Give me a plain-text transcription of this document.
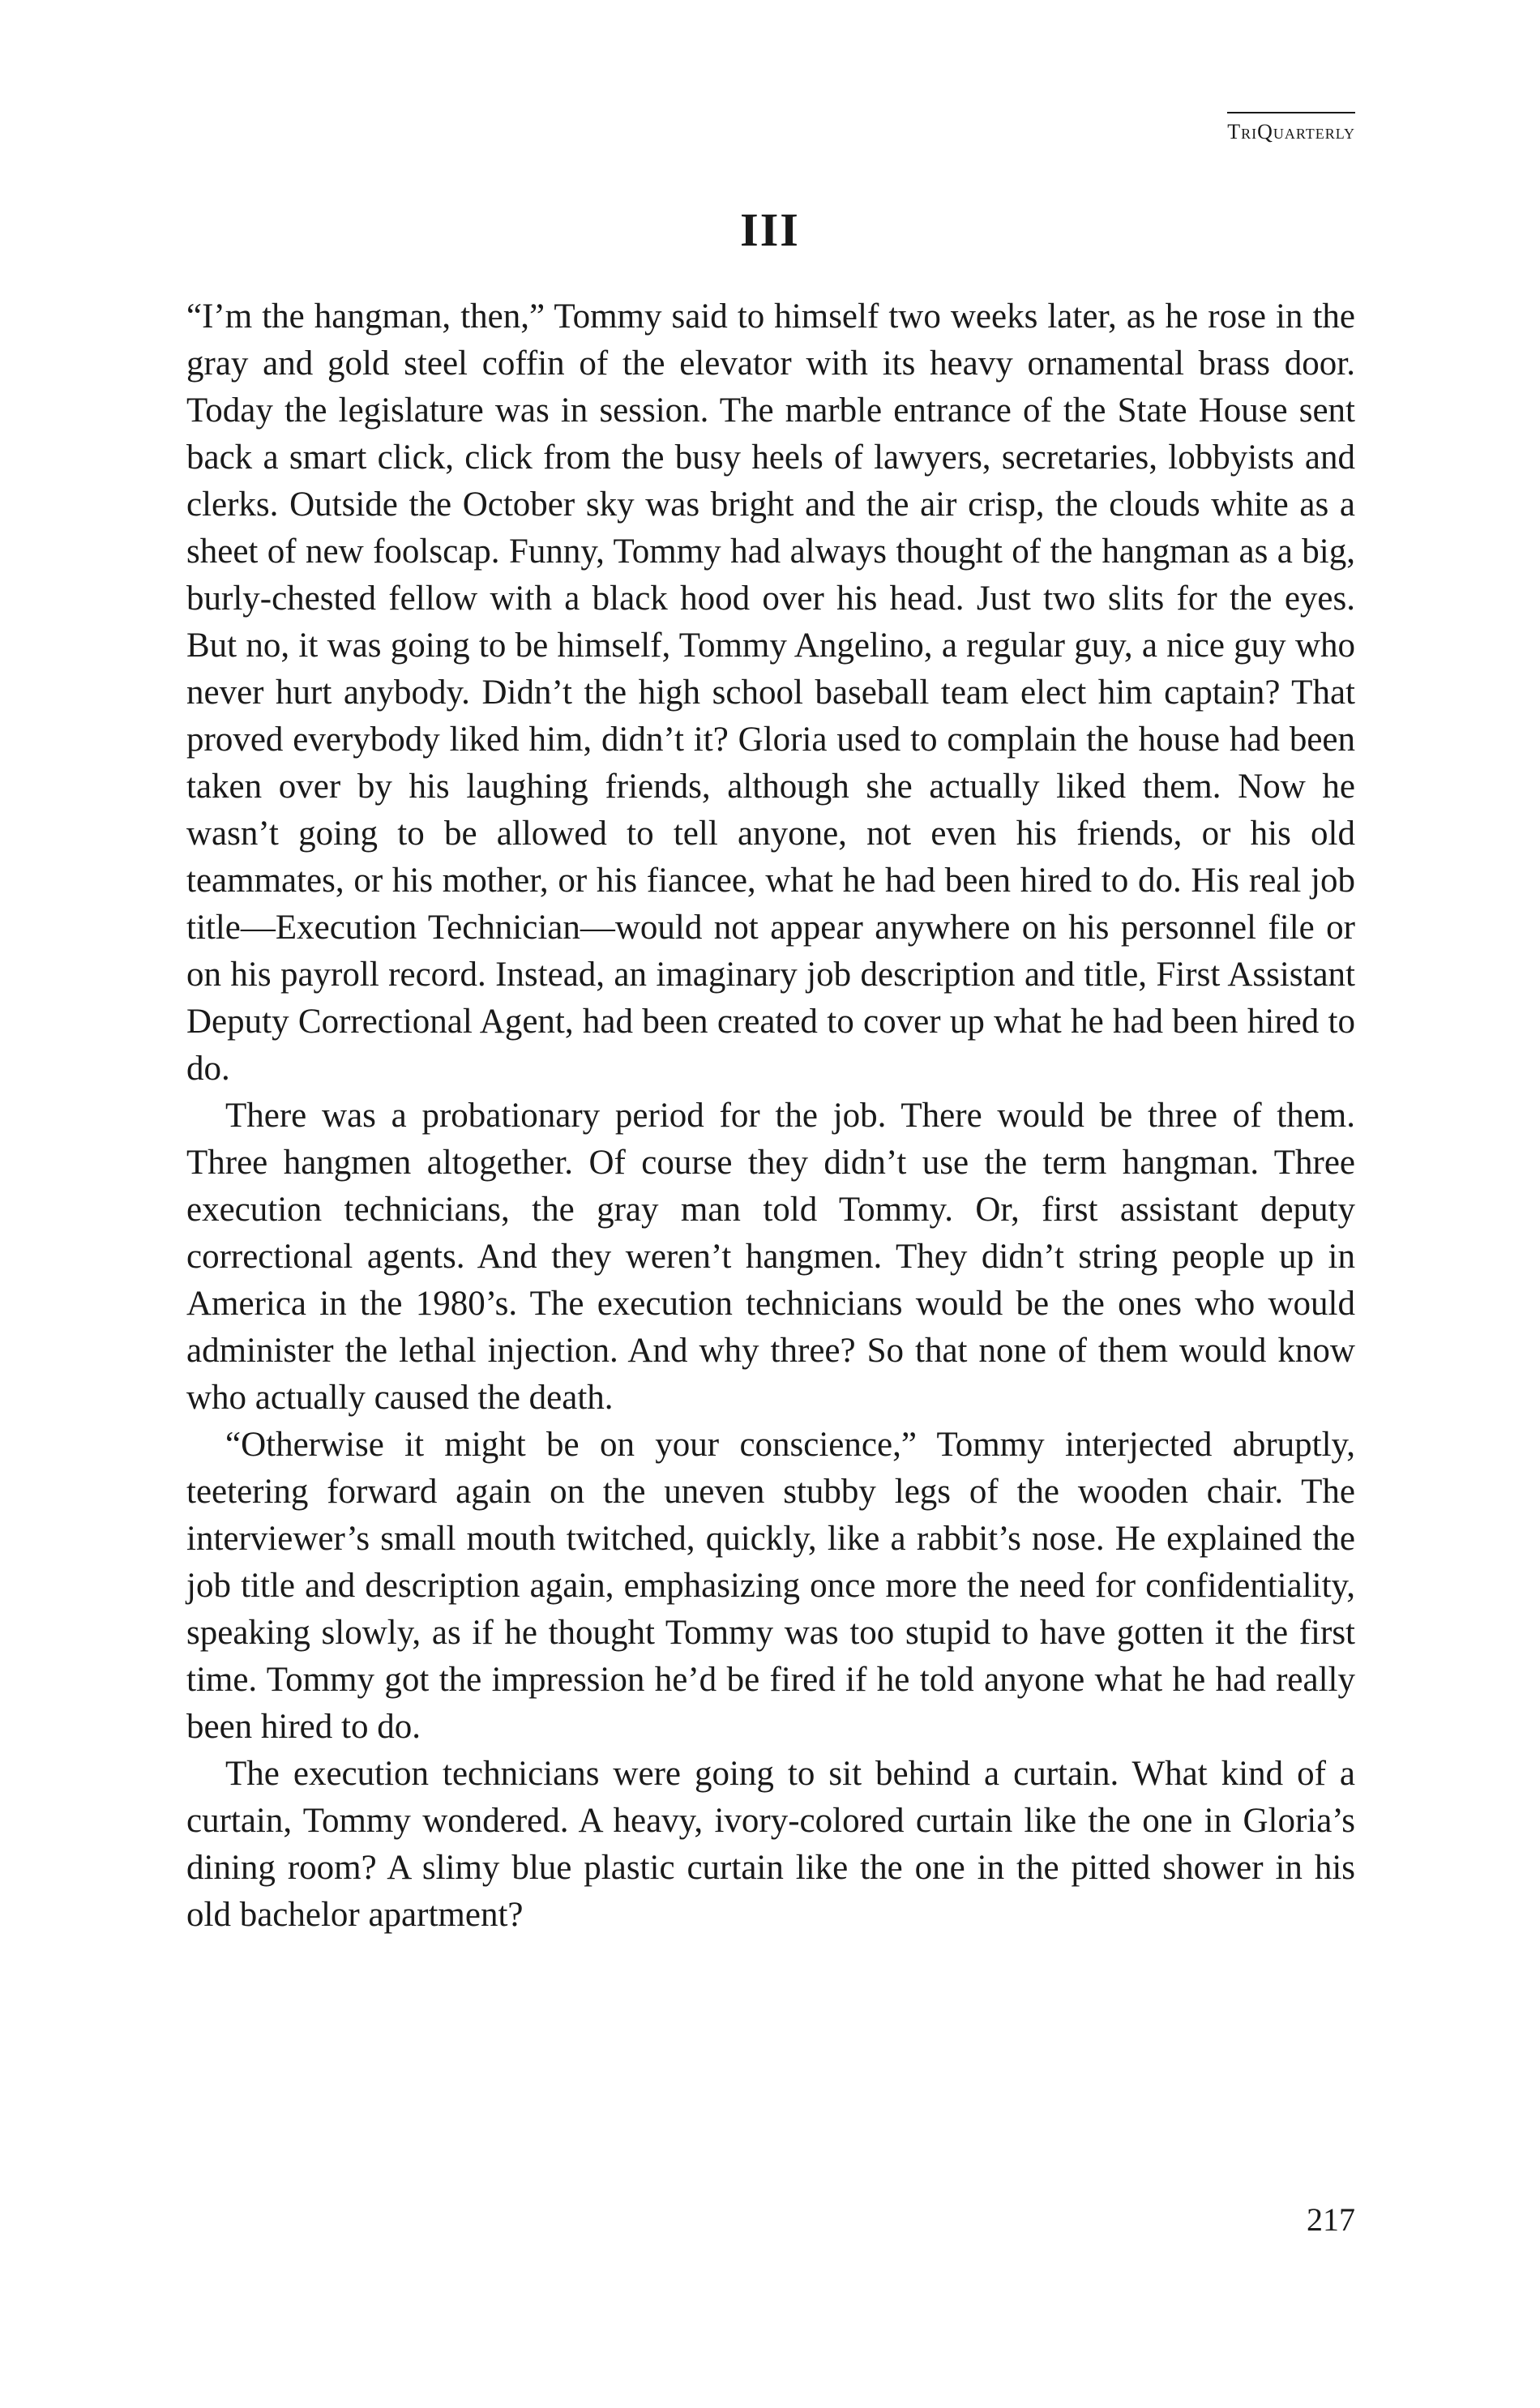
TriQuarterly
III

“I’m the hangman, then,” Tommy said to himself two weeks later, as he rose in the gray and gold steel coffin of the elevator with its heavy ornamental brass door. Today the legislature was in session. The marble entrance of the State House sent back a smart click, click from the busy heels of lawyers, secretaries, lobbyists and clerks. Outside the October sky was bright and the air crisp, the clouds white as a sheet of new foolscap. Funny, Tommy had always thought of the hangman as a big, burly-chested fellow with a black hood over his head. Just two slits for the eyes. But no, it was going to be himself, Tommy Angelino, a regular guy, a nice guy who never hurt anybody. Didn’t the high school baseball team elect him captain? That proved everybody liked him, didn’t it? Gloria used to complain the house had been taken over by his laughing friends, although she actually liked them. Now he wasn’t going to be allowed to tell anyone, not even his friends, or his old teammates, or his mother, or his fiancee, what he had been hired to do. His real job title—Execution Technician—would not appear anywhere on his personnel file or on his payroll record. Instead, an imaginary job description and title, First Assistant Deputy Correctional Agent, had been created to cover up what he had been hired to do.

There was a probationary period for the job. There would be three of them. Three hangmen altogether. Of course they didn’t use the term hangman. Three execution technicians, the gray man told Tommy. Or, first assistant deputy correctional agents. And they weren’t hangmen. They didn’t string people up in America in the 1980’s. The execution technicians would be the ones who would administer the lethal injection. And why three? So that none of them would know who actually caused the death.

“Otherwise it might be on your conscience,” Tommy interjected abruptly, teetering forward again on the uneven stubby legs of the wooden chair. The interviewer’s small mouth twitched, quickly, like a rabbit’s nose. He explained the job title and description again, emphasizing once more the need for confidentiality, speaking slowly, as if he thought Tommy was too stupid to have gotten it the first time. Tommy got the impression he’d be fired if he told anyone what he had really been hired to do.

The execution technicians were going to sit behind a curtain. What kind of a curtain, Tommy wondered. A heavy, ivory-colored curtain like the one in Gloria’s dining room? A slimy blue plastic curtain like the one in the pitted shower in his old bachelor apartment?

217
